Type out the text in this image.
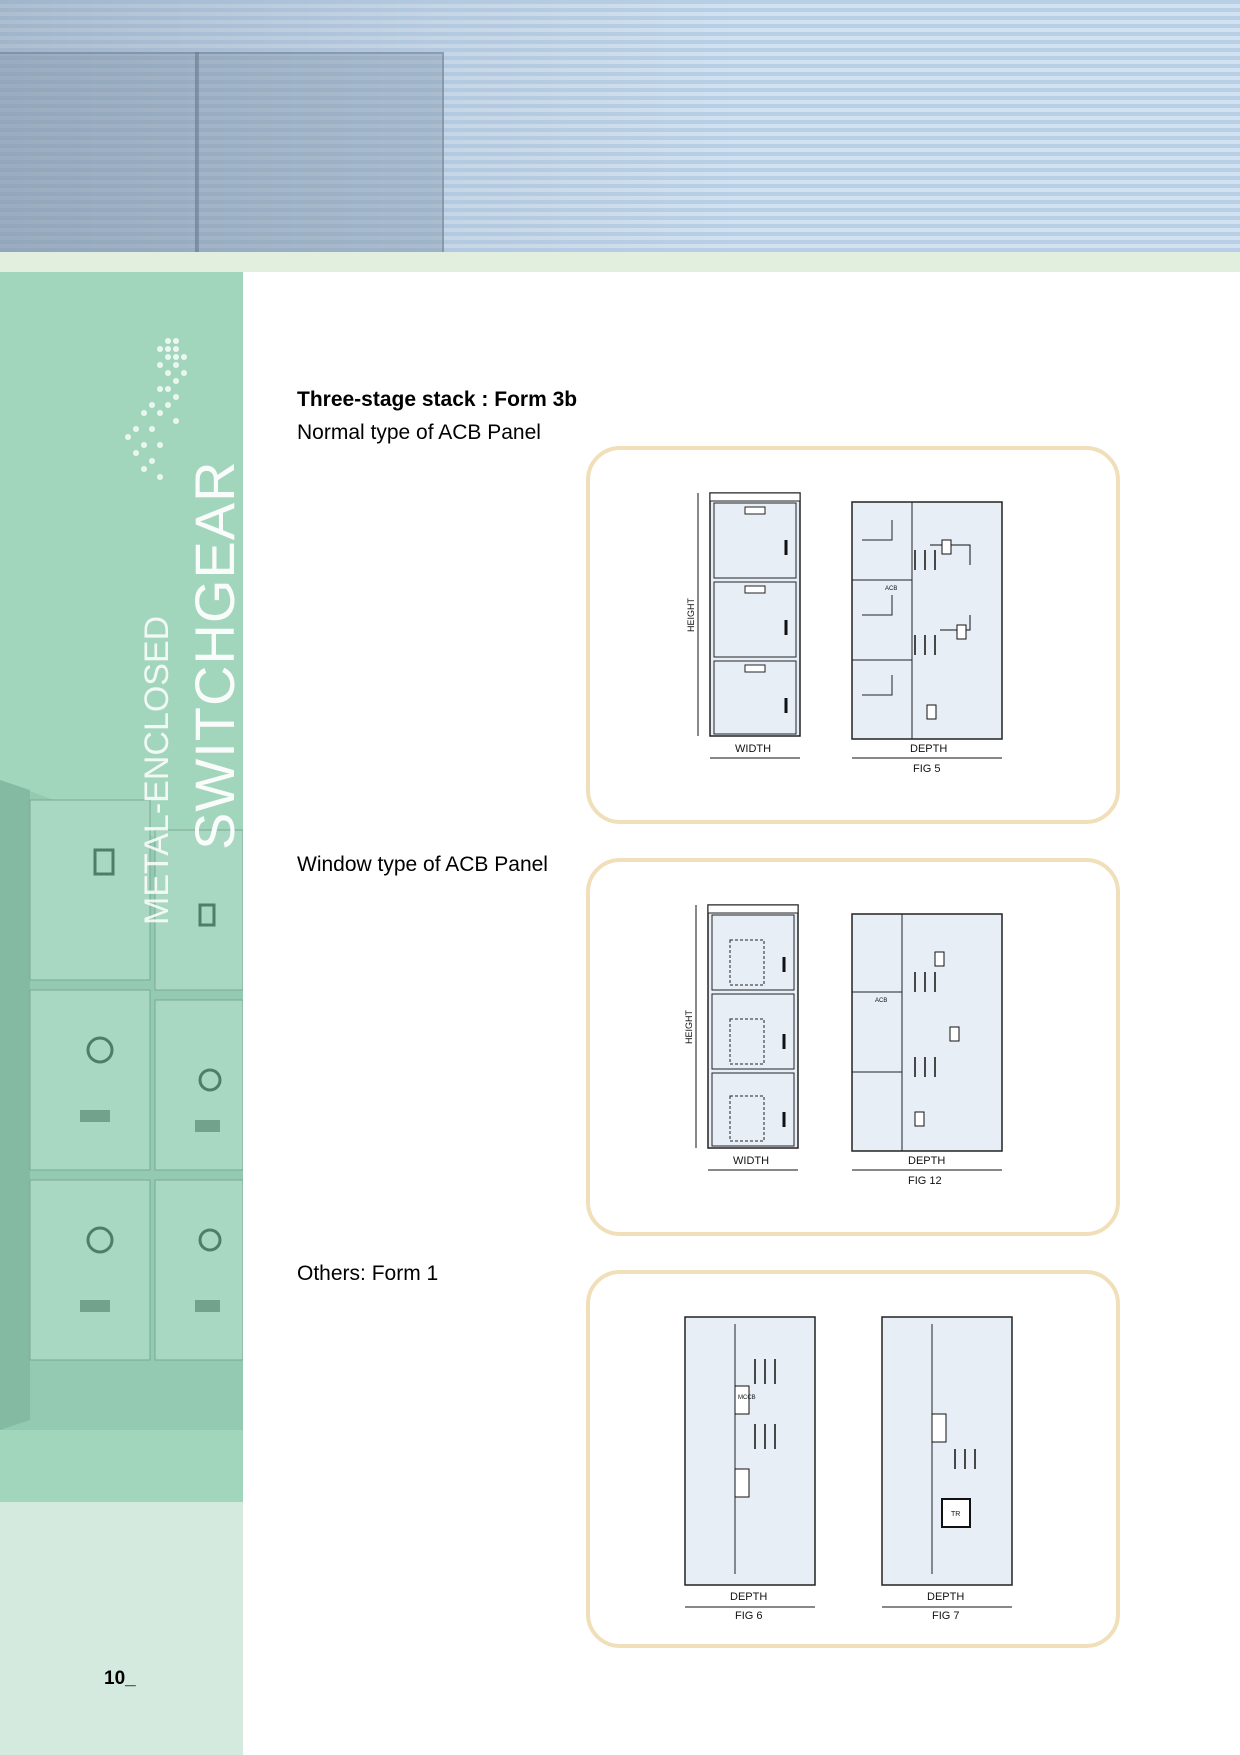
SWITCHGEAR
METAL-ENCLOSED
10_
Three-stage stack : Form 3b
Normal type of ACB Panel
HEIGHT
WIDTH
ACB
DEPTH
FIG 5
Window type of ACB Panel
HEIGHT
WIDTH
ACB
DEPTH
FIG 12
Others: Form 1
MCCB
DEPTH
FIG 6
TR
DEPTH
FIG 7
